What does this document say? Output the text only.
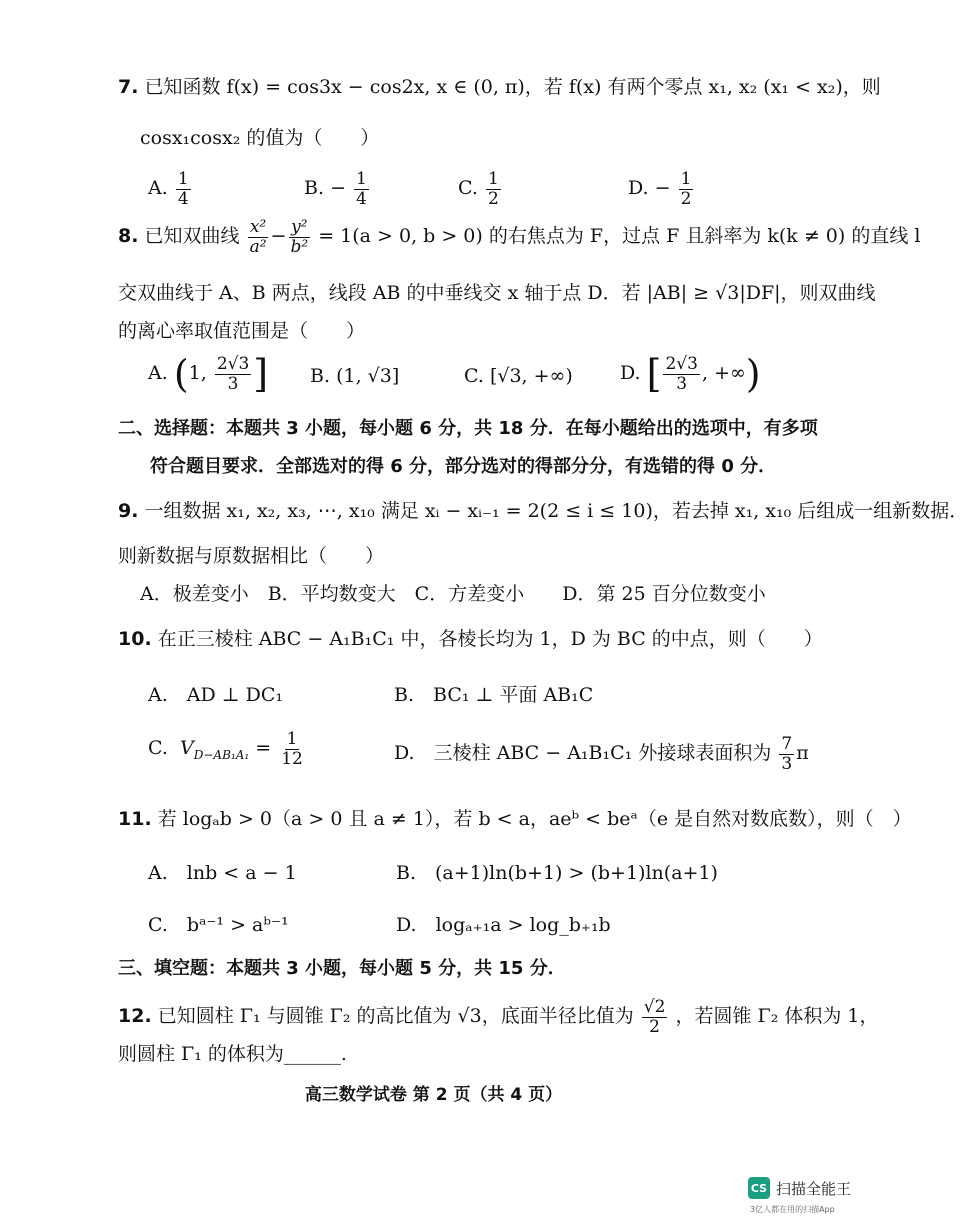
7. 已知函数 f(x) = cos3x − cos2x, x ∈ (0, π)，若 f(x) 有两个零点 x₁, x₂ (x₁ < x₂)，则
cosx₁cosx₂ 的值为（　　）
A. $\frac{1}{4}$	B. − $\frac{1}{4}$	C. $\frac{1}{2}$	D. − $\frac{1}{2}$
8. 已知双曲线 $\frac{\text{x²}}{\text{a²}} - \frac{\text{y²}}{\text{b²}} = 1(a > 0$, b > 0) 的右焦点为 F，过点 F 且斜率为 k(k ≠ 0) 的直线 l
交双曲线于 A、B 两点，线段 AB 的中垂线交 x 轴于点 D．若 |AB| ≥ √3|DF|，则双曲线
的离心率取值范围是（　　）
A. (1, $\frac{2√3}{3}$ ] B. (1, √3]	C. [√3, +∞) D. [ $\frac{2√3}{3}$ , +∞)
二、选择题：本题共 3 小题，每小题 6 分，共 18 分．在每小题给出的选项中，有多项
符合题目要求．全部选对的得 6 分，部分选对的得部分分，有选错的得 0 分．
9. 一组数据 x₁, x₂, x₃, ⋯, x₁₀ 满足 xᵢ − xᵢ₋₁ = 2(2 ≤ i ≤ 10)，若去掉 x₁, x₁₀ 后组成一组新数据．
则新数据与原数据相比（　　）
A．极差变小　B．平均数变大　C．方差变小　　D．第 25 百分位数变小
10. 在正三棱柱 ABC − A₁B₁C₁ 中，各棱长均为 1，D 为 BC 的中点，则（　　）
A.　AD ⊥ DC₁	B.　BC₁ ⊥ 平面 AB₁C
C. $V_{D-AB_1A_1} = \frac{1}{12}$	D.　三棱柱 ABC − A₁B₁C₁ 外接球表面积为 $\frac{7}{3}$ π
11. 若 logₐb > 0（a > 0 且 a ≠ 1），若 b < a，aeᵇ < beᵃ（e 是自然对数底数），则（　）
A.　lnb < a − 1	B.　(a+1)ln(b+1) > (b+1)ln(a+1)
C.　bᵃ⁻¹ > aᵇ⁻¹	D.　logₐ₊₁a > log_b₊₁b
三、填空题：本题共 3 小题，每小题 5 分，共 15 分．
12. 已知圆柱 Γ₁ 与圆锥 Γ₂ 的高比值为 √3，底面半径比值为 $\frac{√2}{2}$ ，若圆锥 Γ₂ 体积为 1，
则圆柱 Γ₁ 的体积为______.
高三数学试卷 第 2 页（共 4 页）
CS 扫描全能王
3亿人都在用的扫描App
